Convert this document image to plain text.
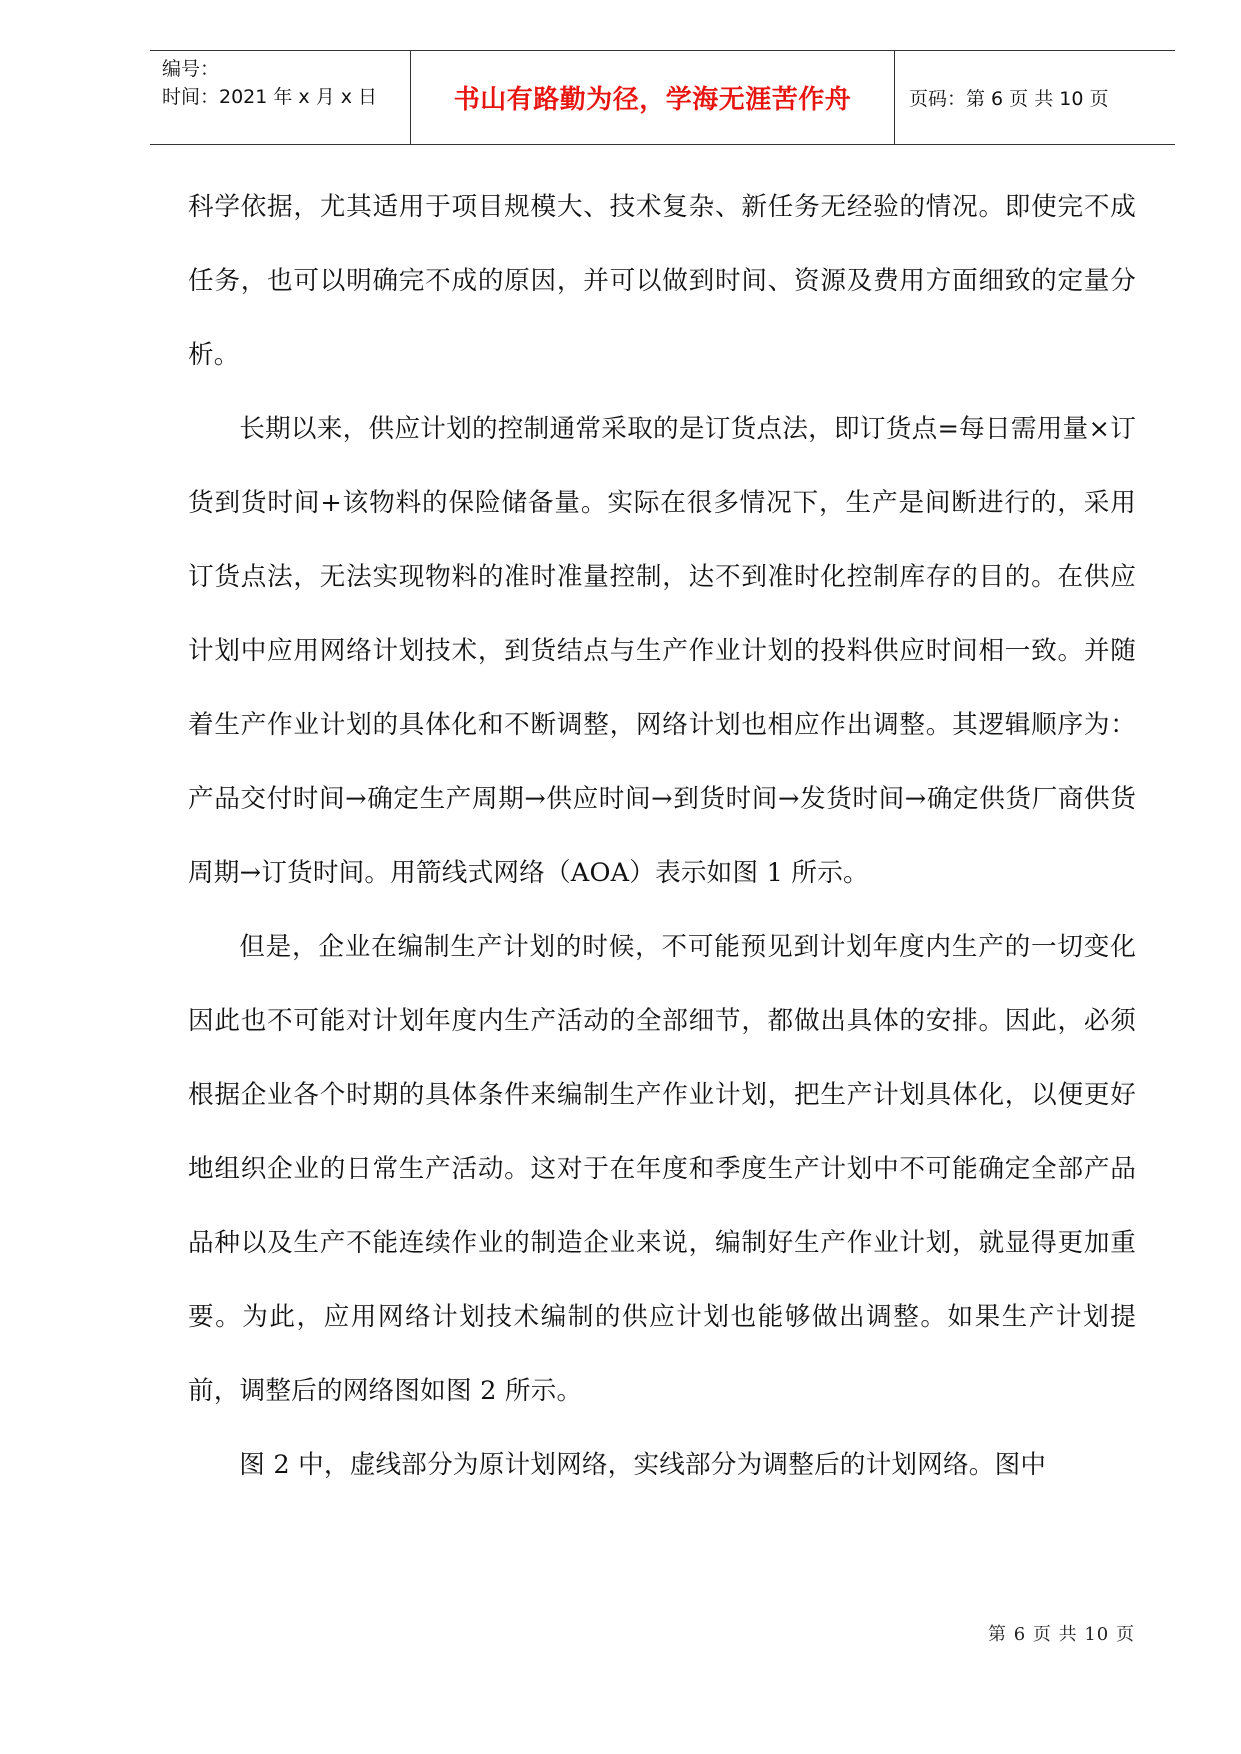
编号：
时间：2021 年 x 月 x 日	书山有路勤为径，学海无涯苦作舟	页码：第 6 页 共 10 页

科学依据，尤其适用于项目规模大、技术复杂、新任务无经验的情况。即使完不成任务，也可以明确完不成的原因，并可以做到时间、资源及费用方面细致的定量分析。

长期以来，供应计划的控制通常采取的是订货点法，即订货点=每日需用量×订货到货时间+该物料的保险储备量。实际在很多情况下，生产是间断进行的，采用订货点法，无法实现物料的准时准量控制，达不到准时化控制库存的目的。在供应计划中应用网络计划技术，到货结点与生产作业计划的投料供应时间相一致。并随着生产作业计划的具体化和不断调整，网络计划也相应作出调整。其逻辑顺序为：产品交付时间→确定生产周期→供应时间→到货时间→发货时间→确定供货厂商供货周期→订货时间。用箭线式网络（AOA）表示如图 1 所示。

但是，企业在编制生产计划的时候，不可能预见到计划年度内生产的一切变化因此也不可能对计划年度内生产活动的全部细节，都做出具体的安排。因此，必须根据企业各个时期的具体条件来编制生产作业计划，把生产计划具体化，以便更好地组织企业的日常生产活动。这对于在年度和季度生产计划中不可能确定全部产品品种以及生产不能连续作业的制造企业来说，编制好生产作业计划，就显得更加重要。为此，应用网络计划技术编制的供应计划也能够做出调整。如果生产计划提前，调整后的网络图如图 2 所示。

图 2 中，虚线部分为原计划网络，实线部分为调整后的计划网络。图中

第 6 页 共 10 页
